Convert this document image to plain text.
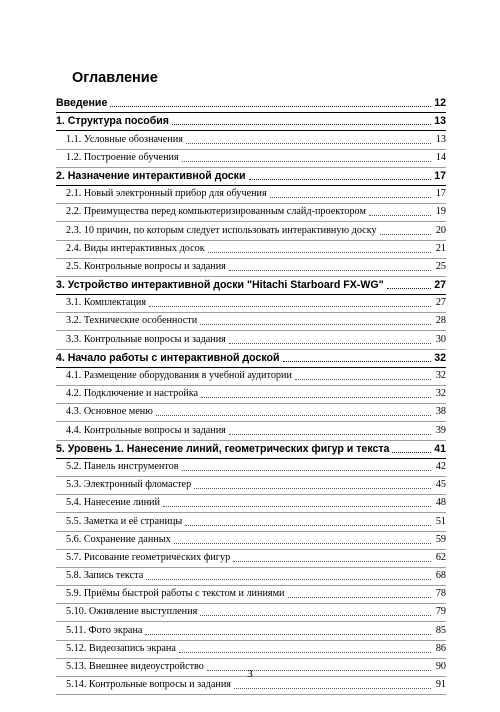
Оглавление
Введение	12
1. Структура пособия	13
1.1. Условные обозначения	13
1.2. Построение обучения	14
2. Назначение интерактивной доски	17
2.1. Новый электронный прибор для обучения	17
2.2. Преимущества перед компьютеризированным слайд-проектором	19
2.3. 10 причин, по которым следует использовать интерактивную доску	20
2.4. Виды интерактивных досок	21
2.5. Контрольные вопросы и задания	25
3. Устройство интерактивной доски "Hitachi Starboard FX-WG"	27
3.1. Комплектация	27
3.2. Технические особенности	28
3.3. Контрольные вопросы и задания	30
4. Начало работы с интерактивной доской	32
4.1. Размещение оборудования в учебной аудитории	32
4.2. Подключение и настройка	32
4.3. Основное меню	38
4.4. Контрольные вопросы и задания	39
5. Уровень 1. Нанесение линий, геометрических фигур и текста	41
5.2. Панель инструментов	42
5.3. Электронный фломастер	45
5.4. Нанесение линий	48
5.5. Заметка и её страницы	51
5.6. Сохранение данных	59
5.7. Рисование геометрических фигур	62
5.8. Запись текста	68
5.9. Приёмы быстрой работы с текстом и линиями	78
5.10. Оживление выступления	79
5.11. Фото экрана	85
5.12. Видеозапись экрана	86
5.13. Внешнее видеоустройство	90
5.14. Контрольные вопросы и задания	91
3
